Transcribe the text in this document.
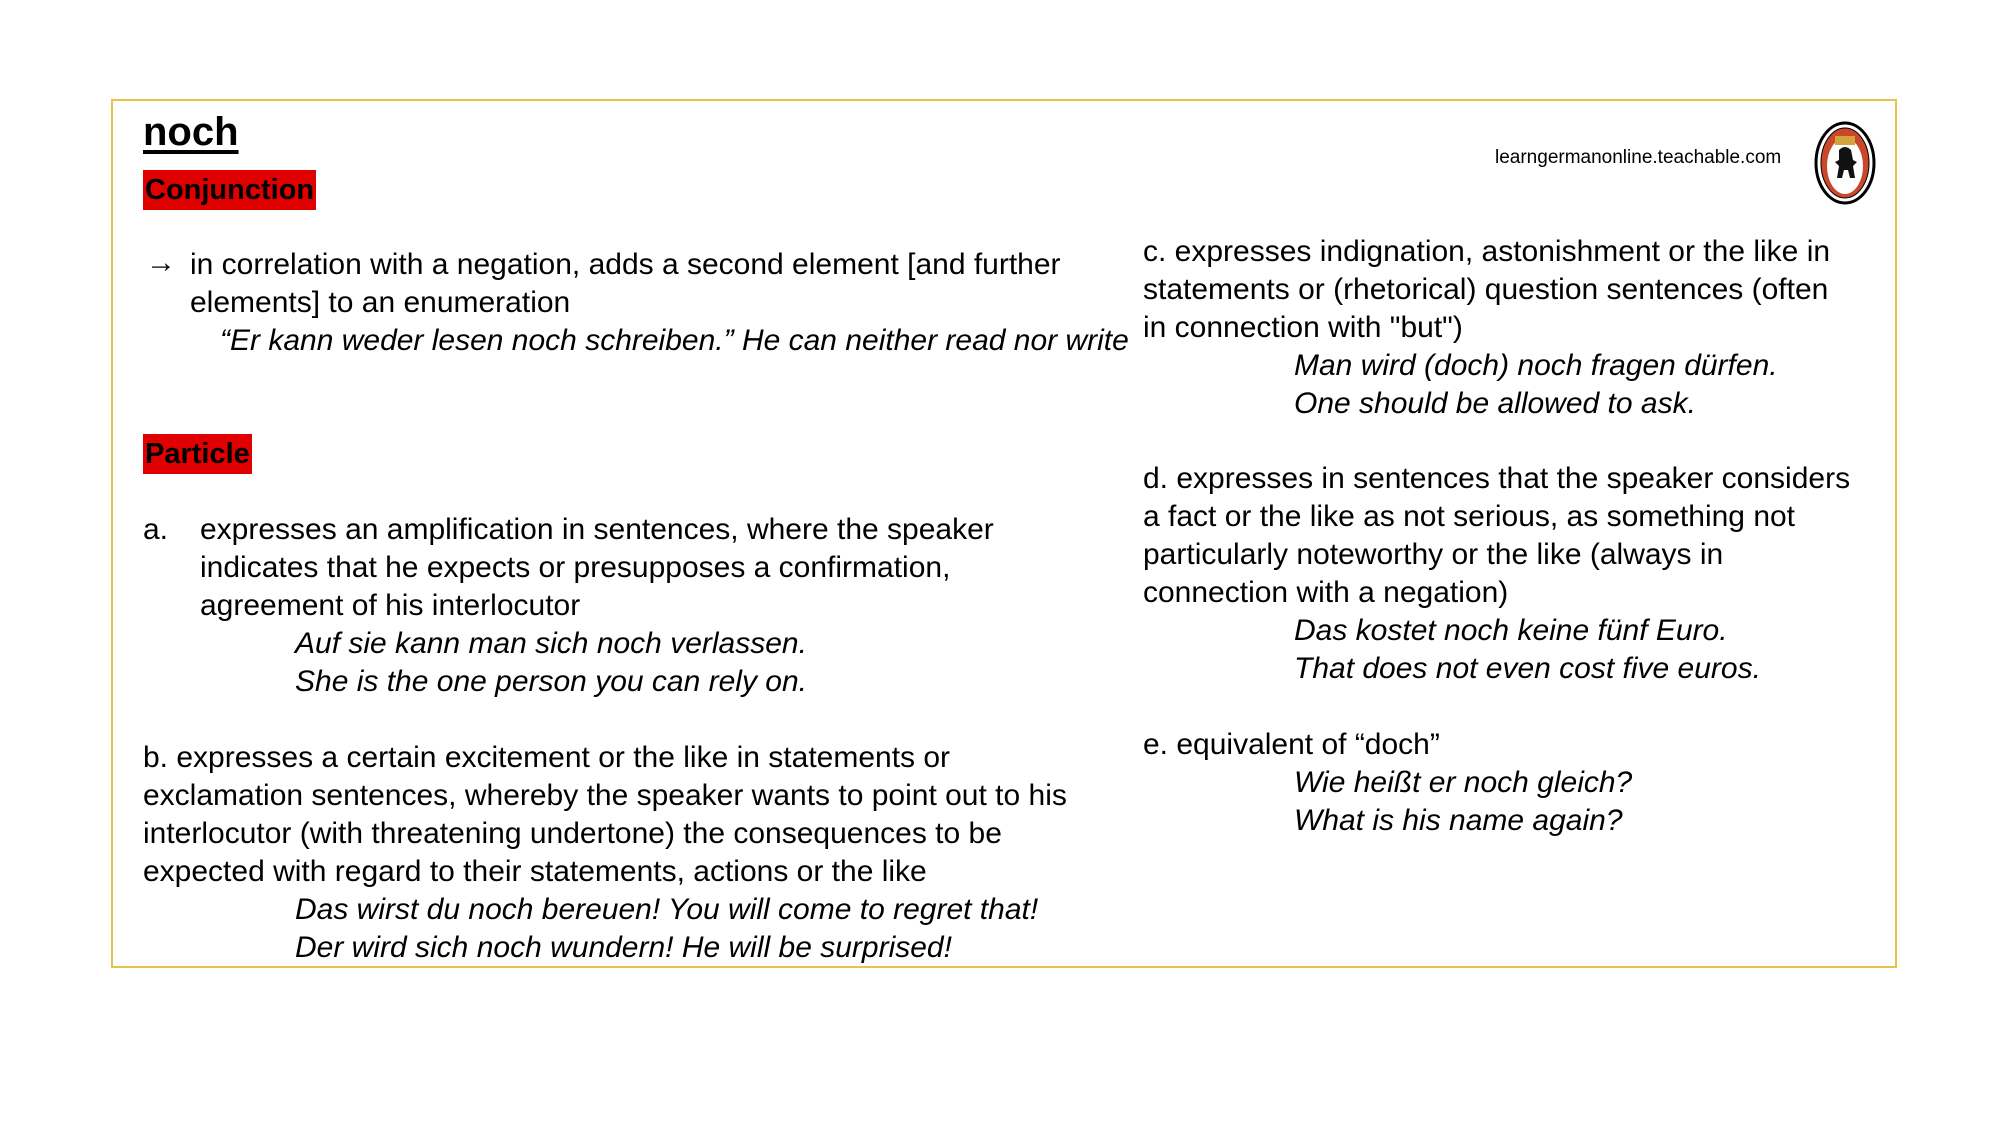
noch
learngermanonline.teachable.com
Conjunction
→ in correlation with a negation, adds a second element [and further
elements] to an enumeration
“Er kann weder lesen noch schreiben.” He can neither read nor write
Particle
a. expresses an amplification in sentences, where the speaker
indicates that he expects or presupposes a confirmation,
agreement of his interlocutor
Auf sie kann man sich noch verlassen.
She is the one person you can rely on.
b. expresses a certain excitement or the like in statements or
exclamation sentences, whereby the speaker wants to point out to his
interlocutor (with threatening undertone) the consequences to be
expected with regard to their statements, actions or the like
Das wirst du noch bereuen! You will come to regret that!
Der wird sich noch wundern! He will be surprised!
c. expresses indignation, astonishment or the like in
statements or (rhetorical) question sentences (often
in connection with "but")
Man wird (doch) noch fragen dürfen.
One should be allowed to ask.
d. expresses in sentences that the speaker considers
a fact or the like as not serious, as something not
particularly noteworthy or the like (always in
connection with a negation)
Das kostet noch keine fünf Euro.
That does not even cost five euros.
e. equivalent of “doch”
Wie heißt er noch gleich?
What is his name again?
